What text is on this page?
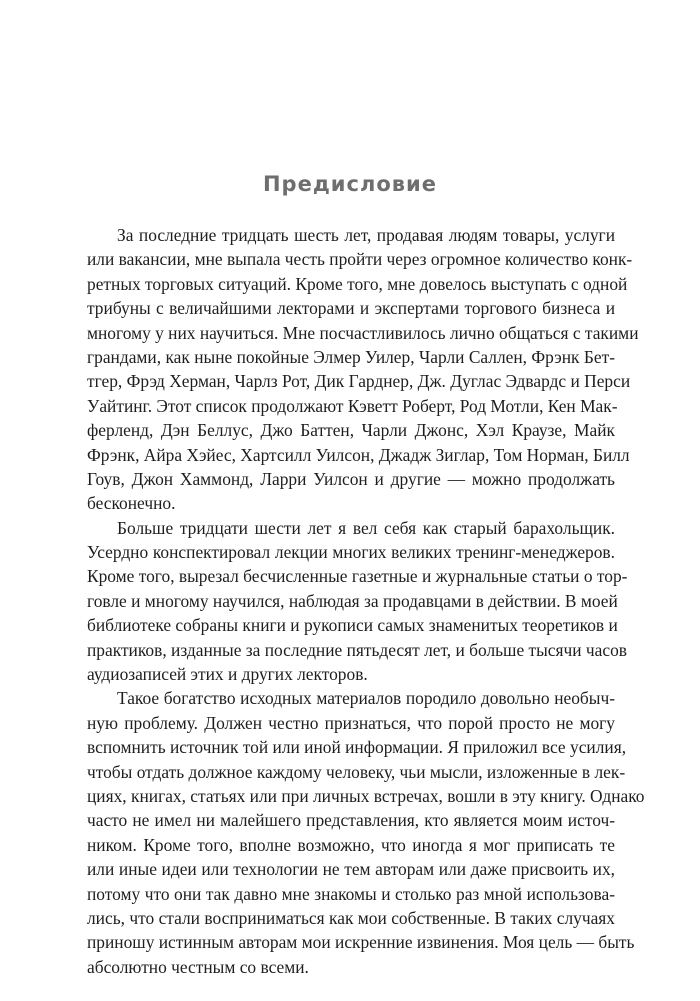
Предисловие
За последние тридцать шесть лет, продавая людям товары, услуги
или вакансии, мне выпала честь пройти через огромное количество конк-
ретных торговых ситуаций. Кроме того, мне довелось выступать с одной
трибуны с величайшими лекторами и экспертами торгового бизнеса и
многому у них научиться. Мне посчастливилось лично общаться с такими
грандами, как ныне покойные Элмер Уилер, Чарли Саллен, Фрэнк Бет-
тгер, Фрэд Херман, Чарлз Рот, Дик Гарднер, Дж. Дуглас Эдвардс и Перси
Уайтинг. Этот список продолжают Кэветт Роберт, Род Мотли, Кен Мак-
ферленд, Дэн Беллус, Джо Баттен, Чарли Джонс, Хэл Краузе, Майк
Фрэнк, Айра Хэйес, Хартсилл Уилсон, Джадж Зиглар, Том Норман, Билл
Гоув, Джон Хаммонд, Ларри Уилсон и другие — можно продолжать
бесконечно.
Больше тридцати шести лет я вел себя как старый барахольщик.
Усердно конспектировал лекции многих великих тренинг-менеджеров.
Кроме того, вырезал бесчисленные газетные и журнальные статьи о тор-
говле и многому научился, наблюдая за продавцами в действии. В моей
библиотеке собраны книги и рукописи самых знаменитых теоретиков и
практиков, изданные за последние пятьдесят лет, и больше тысячи часов
аудиозаписей этих и других лекторов.
Такое богатство исходных материалов породило довольно необыч-
ную проблему. Должен честно признаться, что порой просто не могу
вспомнить источник той или иной информации. Я приложил все усилия,
чтобы отдать должное каждому человеку, чьи мысли, изложенные в лек-
циях, книгах, статьях или при личных встречах, вошли в эту книгу. Однако
часто не имел ни малейшего представления, кто является моим источ-
ником. Кроме того, вполне возможно, что иногда я мог приписать те
или иные идеи или технологии не тем авторам или даже присвоить их,
потому что они так давно мне знакомы и столько раз мной использова-
лись, что стали восприниматься как мои собственные. В таких случаях
приношу истинным авторам мои искренние извинения. Моя цель — быть
абсолютно честным со всеми.
